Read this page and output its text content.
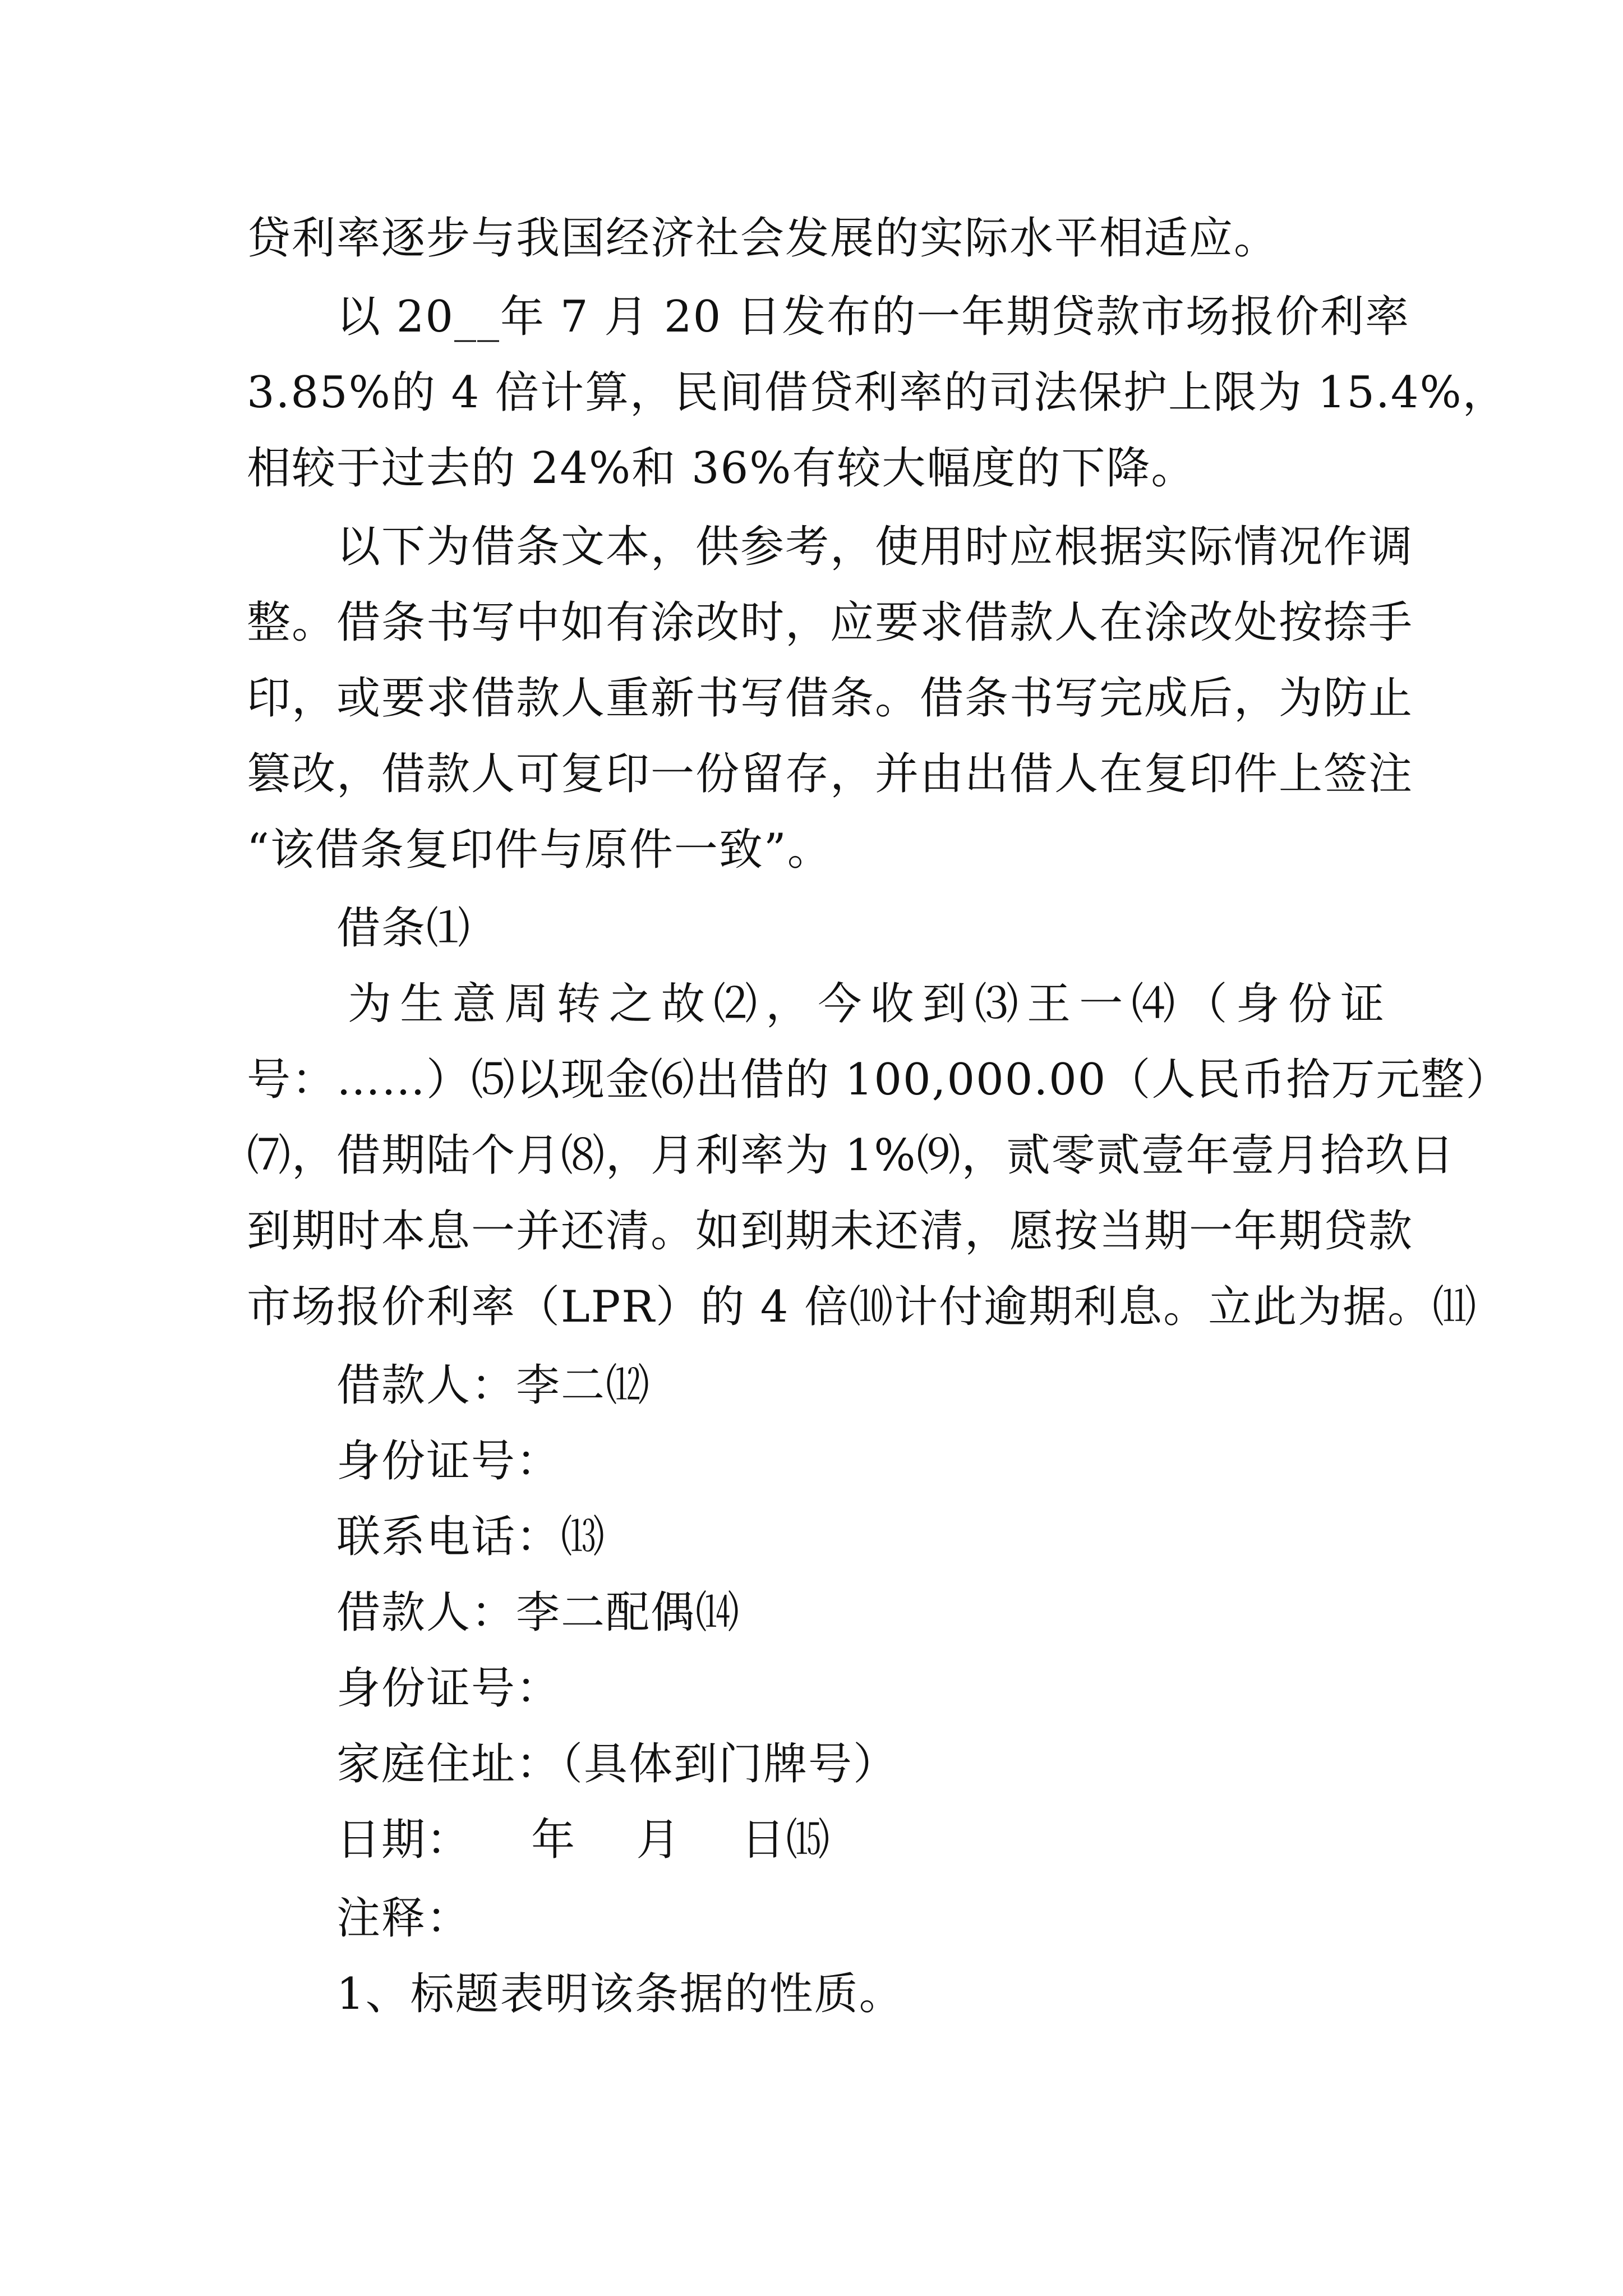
贷利率逐步与我国经济社会发展的实际水平相适应。
以 20__年 7 月 20 日发布的一年期贷款市场报价利率
3.85%的 4 倍计算，民间借贷利率的司法保护上限为 15.4%，
相较于过去的 24%和 36%有较大幅度的下降。
以下为借条文本，供参考，使用时应根据实际情况作调
整。借条书写中如有涂改时，应要求借款人在涂改处按捺手
印，或要求借款人重新书写借条。借条书写完成后，为防止
篡改，借款人可复印一份留存，并由出借人在复印件上签注
“该借条复印件与原件一致”。
借条⑴
为生意周转之故⑵，今收到⑶王一⑷（身份证
号：……）⑸以现金⑹出借的 100,000.00（人民币拾万元整）
⑺，借期陆个月⑻，月利率为 1%⑼，贰零贰壹年壹月拾玖日
到期时本息一并还清。如到期未还清，愿按当期一年期贷款
市场报价利率（LPR）的 4 倍⑽计付逾期利息。立此为据。⑾
借款人：李二⑿
身份证号：
联系电话：⒀
借款人：李二配偶⒁
身份证号：
家庭住址：（具体到门牌号）
日期：    年    月    日⒂
注释：
1、标题表明该条据的性质。
